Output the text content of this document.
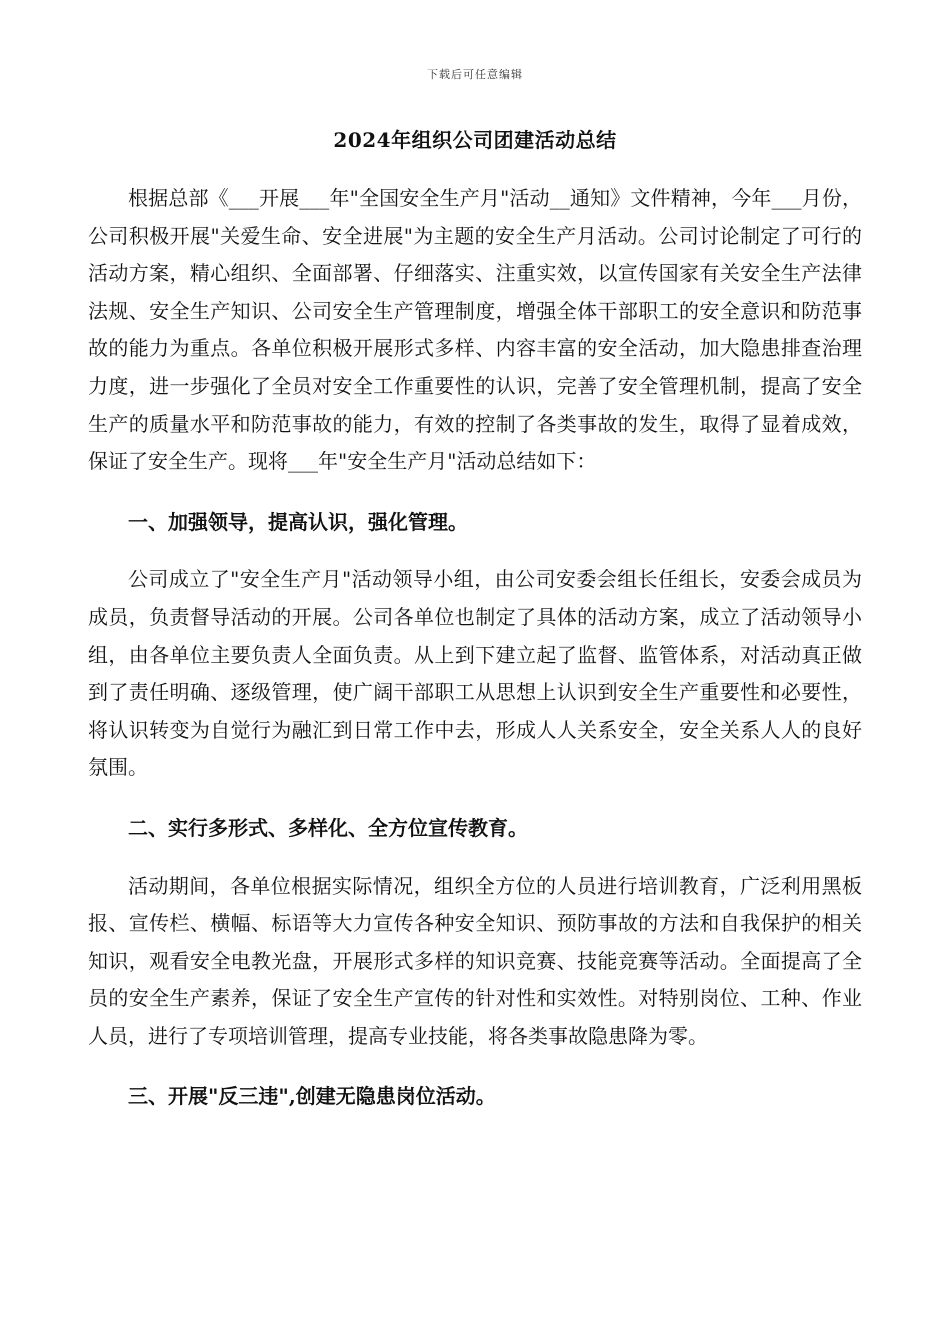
下载后可任意编辑
2024年组织公司团建活动总结

根据总部《___开展___年"全国安全生产月"活动__通知》文件精神，今年___月份，公司积极开展"关爱生命、安全进展"为主题的安全生产月活动。公司讨论制定了可行的活动方案，精心组织、全面部署、仔细落实、注重实效，以宣传国家有关安全生产法律法规、安全生产知识、公司安全生产管理制度，增强全体干部职工的安全意识和防范事故的能力为重点。各单位积极开展形式多样、内容丰富的安全活动，加大隐患排查治理力度，进一步强化了全员对安全工作重要性的认识，完善了安全管理机制，提高了安全生产的质量水平和防范事故的能力，有效的控制了各类事故的发生，取得了显着成效，保证了安全生产。现将___年"安全生产月"活动总结如下：

一、加强领导，提高认识，强化管理。

公司成立了"安全生产月"活动领导小组，由公司安委会组长任组长，安委会成员为成员，负责督导活动的开展。公司各单位也制定了具体的活动方案，成立了活动领导小组，由各单位主要负责人全面负责。从上到下建立起了监督、监管体系，对活动真正做到了责任明确、逐级管理，使广阔干部职工从思想上认识到安全生产重要性和必要性，将认识转变为自觉行为融汇到日常工作中去，形成人人关系安全，安全关系人人的良好氛围。

二、实行多形式、多样化、全方位宣传教育。

活动期间，各单位根据实际情况，组织全方位的人员进行培训教育，广泛利用黑板报、宣传栏、横幅、标语等大力宣传各种安全知识、预防事故的方法和自我保护的相关知识，观看安全电教光盘，开展形式多样的知识竞赛、技能竞赛等活动。全面提高了全员的安全生产素养，保证了安全生产宣传的针对性和实效性。对特别岗位、工种、作业人员，进行了专项培训管理，提高专业技能，将各类事故隐患降为零。

三、开展"反三违",创建无隐患岗位活动。
